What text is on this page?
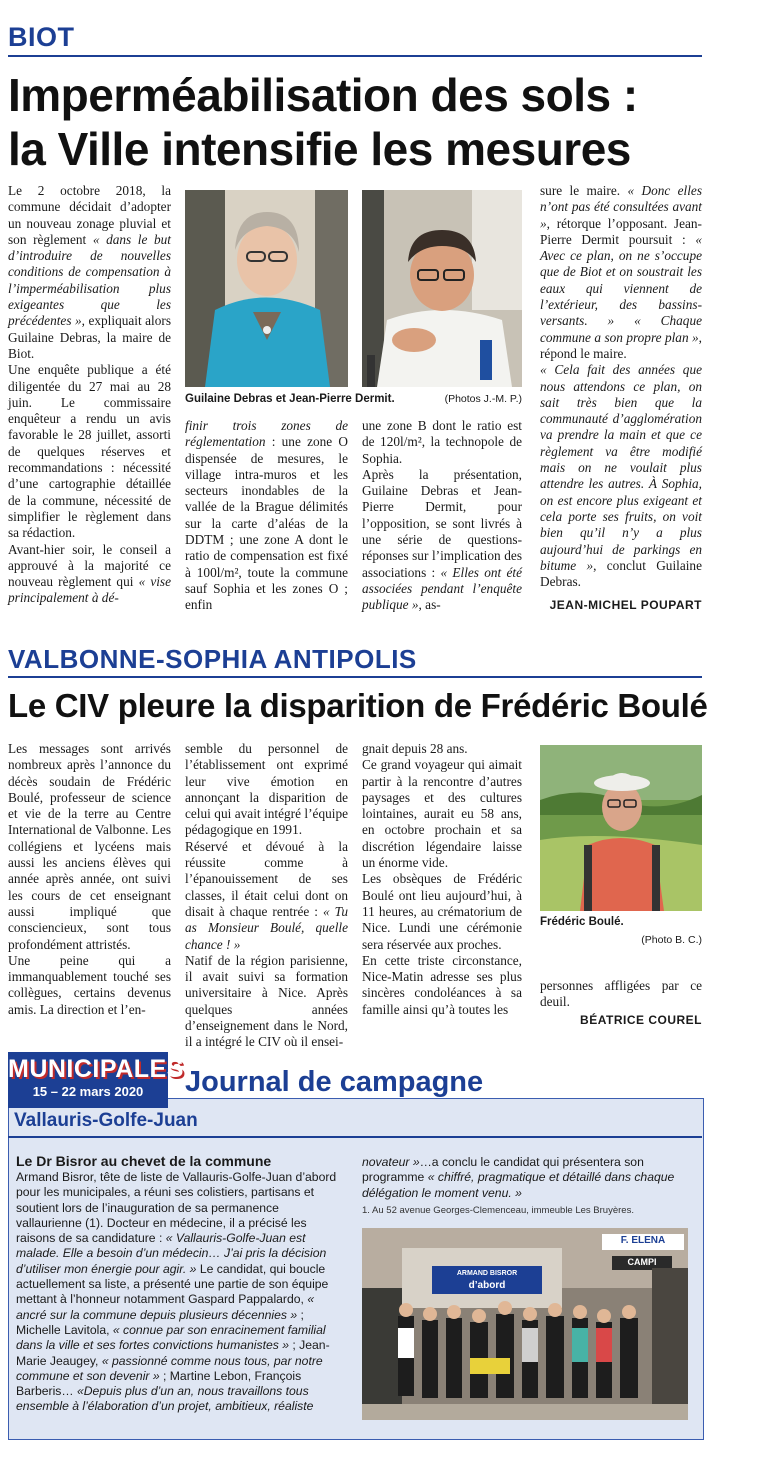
BIOT
Imperméabilisation des sols :
la Ville intensifie les mesures

Le 2 octobre 2018, la commune décidait d’adopter un nouveau zonage pluvial et son règlement « dans le but d’introduire de nouvelles conditions de compensation à l’imperméabilisation plus exigeantes que les précédentes », expliquait alors Guilaine Debras, la maire de Biot.

Une enquête publique a été diligentée du 27 mai au 28 juin. Le commissaire enquêteur a rendu un avis favorable le 28 juillet, assorti de quelques réserves et recommandations : nécessité d’une cartographie détaillée de la commune, nécessité de simplifier le règlement dans sa rédaction.

Avant-hier soir, le conseil a approuvé à la majorité ce nouveau règlement qui « vise principalement à dé-

Guilaine Debras et Jean-Pierre Dermit.	(Photos J.-M. P.)

finir trois zones de réglementation : une zone O dispensée de mesures, le village intra-muros et les secteurs inondables de la vallée de la Brague délimités sur la carte d’aléas de la DDTM ; une zone A dont le ratio de compensation est fixé à 100l/m², toute la commune sauf Sophia et les zones O ; enfin

une zone B dont le ratio est de 120l/m², la technopole de Sophia.

Après la présentation, Guilaine Debras et Jean-Pierre Dermit, pour l’opposition, se sont livrés à une série de questions-réponses sur l’implication des associations : « Elles ont été associées pendant l’enquête publique », as-

sure le maire. « Donc elles n’ont pas été consultées avant », rétorque l’opposant. Jean-Pierre Dermit poursuit : « Avec ce plan, on ne s’occupe que de Biot et on soustrait les eaux qui viennent de l’extérieur, des bassins-versants. » « Chaque commune a son propre plan », répond le maire.

« Cela fait des années que nous attendons ce plan, on sait très bien que la communauté d’agglomération va prendre la main et que ce règlement va être modifié mais on ne voulait plus attendre les autres. À Sophia, on est encore plus exigeant et cela porte ses fruits, on voit bien qu’il n’y a plus aujourd’hui de parkings en bitume », conclut Guilaine Debras.

JEAN-MICHEL POUPART
VALBONNE-SOPHIA ANTIPOLIS
Le CIV pleure la disparition de Frédéric Boulé

Les messages sont arrivés nombreux après l’annonce du décès soudain de Frédéric Boulé, professeur de science et vie de la terre au Centre International de Valbonne. Les collégiens et lycéens mais aussi les anciens élèves qui année après année, ont suivi les cours de cet enseignant aussi impliqué que consciencieux, sont tous profondément attristés.

Une peine qui a immanquablement touché ses collègues, certains devenus amis. La direction et l’en-

semble du personnel de l’établissement ont exprimé leur vive émotion en annonçant la disparition de celui qui avait intégré l’équipe pédagogique en 1991.

Réservé et dévoué à la réussite comme à l’épanouissement de ses classes, il était celui dont on disait à chaque rentrée : « Tu as Monsieur Boulé, quelle chance ! »

Natif de la région parisienne, il avait suivi sa formation universitaire à Nice. Après quelques années d’enseignement dans le Nord, il a intégré le CIV où il ensei-

gnait depuis 28 ans.

Ce grand voyageur qui aimait partir à la rencontre d’autres paysages et des cultures lointaines, aurait eu 58 ans, en octobre prochain et sa discrétion légendaire laisse un énorme vide.

Les obsèques de Frédéric Boulé ont lieu aujourd’hui, à 11 heures, au crématorium de Nice. Lundi une cérémonie sera réservée aux proches.

En cette triste circonstance, Nice-Matin adresse ses plus sincères condoléances à sa famille ainsi qu’à toutes les

Frédéric Boulé.
(Photo B. C.)

personnes affligées par ce deuil.

BÉATRICE COUREL
MUNICIPALES
15 – 22 mars 2020	Journal de campagne
Vallauris-Golfe-Juan
Le Dr Bisror au chevet de la commune

Armand Bisror, tête de liste de Vallauris-Golfe-Juan d’abord pour les municipales, a réuni ses colistiers, partisans et soutient lors de l’inauguration de sa permanence vallaurienne (1). Docteur en médecine, il a précisé les raisons de sa candidature : « Vallauris-Golfe-Juan est malade. Elle a besoin d’un médecin… J’ai pris la décision d’utiliser mon énergie pour agir. » Le candidat, qui boucle actuellement sa liste, a présenté une partie de son équipe mettant à l’honneur notamment Gaspard Pappalardo, « ancré sur la commune depuis plusieurs décennies » ; Michelle Lavitola, « connue par son enracinement familial dans la ville et ses fortes convictions humanistes » ; Jean-Marie Jeaugey, « passionné comme nous tous, par notre commune et son devenir » ; Martine Lebon, François Barberis… «Depuis plus d’un an, nous travaillons tous ensemble à l’élaboration d’un projet, ambitieux, réaliste

novateur »…a conclu le candidat qui présentera son programme « chiffré, pragmatique et détaillé dans chaque délégation le moment venu. »

1. Au 52 avenue Georges-Clemenceau, immeuble Les Bruyères.
ARMAND BISROR
d’abord
F. ELENA
CAMPI
